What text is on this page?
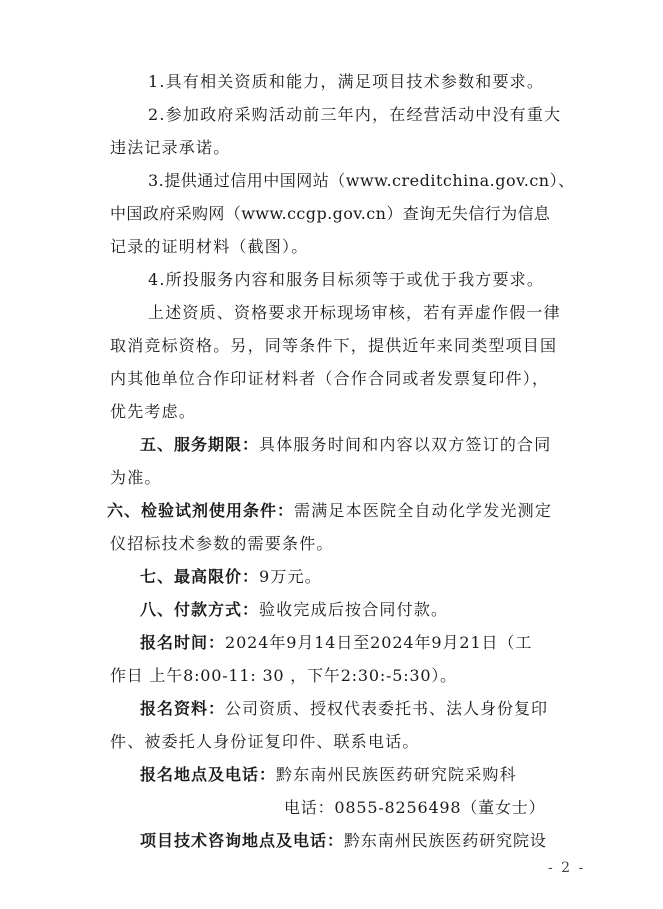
1.具有相关资质和能力，满足项目技术参数和要求。
2.参加政府采购活动前三年内，在经营活动中没有重大
违法记录承诺。
3.提供通过信用中国网站（www.creditchina.gov.cn）、
中国政府采购网（www.ccgp.gov.cn）查询无失信行为信息
记录的证明材料（截图）。
4.所投服务内容和服务目标须等于或优于我方要求。
上述资质、资格要求开标现场审核，若有弄虚作假一律
取消竞标资格。另，同等条件下，提供近年来同类型项目国
内其他单位合作印证材料者（合作合同或者发票复印件），
优先考虑。
五、服务期限：具体服务时间和内容以双方签订的合同
为准。
六、检验试剂使用条件：需满足本医院全自动化学发光测定
仪招标技术参数的需要条件。
七、最高限价：9万元。
八、付款方式：验收完成后按合同付款。
报名时间：2024年9月14日至2024年9月21日（工
作日 上午8:00-11: 30 ，下午2:30:-5:30）。
报名资料：公司资质、授权代表委托书、法人身份复印
件、被委托人身份证复印件、联系电话。
报名地点及电话：黔东南州民族医药研究院采购科
电话：0855-8256498（董女士）
项目技术咨询地点及电话：黔东南州民族医药研究院设
- 2 -
